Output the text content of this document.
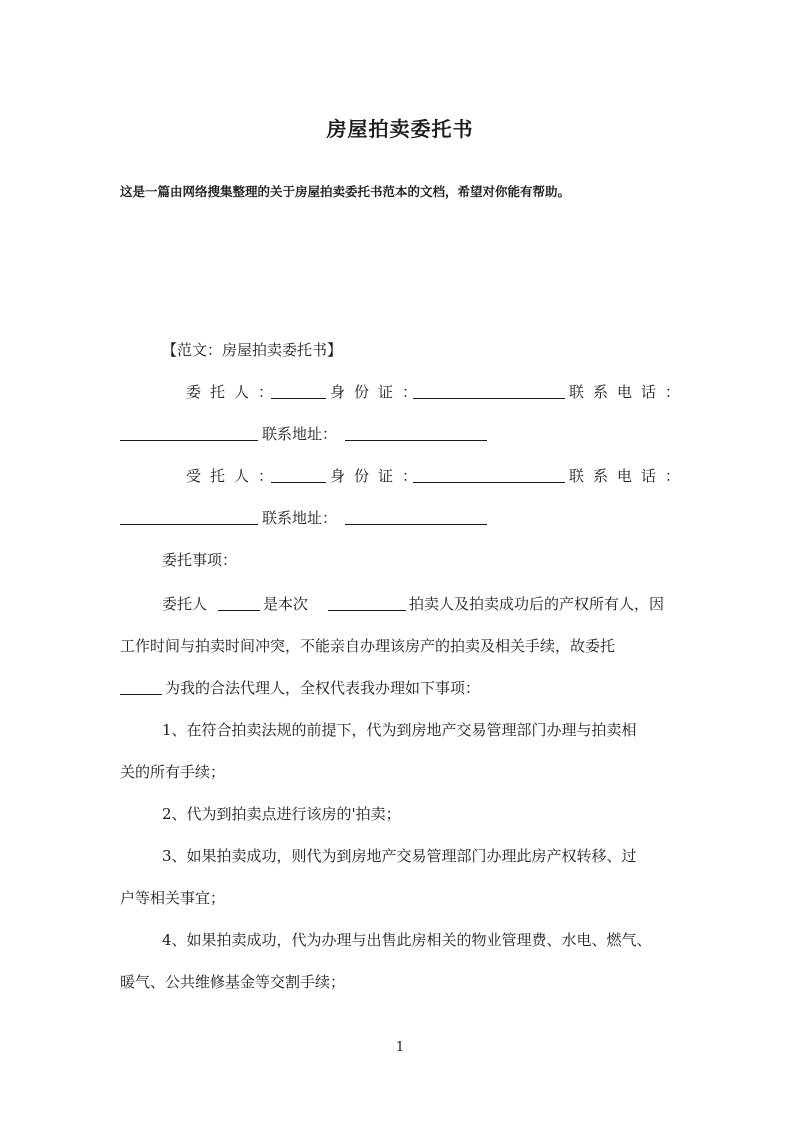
房屋拍卖委托书
这是一篇由网络搜集整理的关于房屋拍卖委托书范本的文档，希望对你能有帮助。
【范文：房屋拍卖委托书】
委托人：	身份证：	联系电话：
联系地址：
受托人：	身份证：	联系电话：
联系地址：
委托事项：
委托人	是本次	拍卖人及拍卖成功后的产权所有人，因
工作时间与拍卖时间冲突，不能亲自办理该房产的拍卖及相关手续，故委托
为我的合法代理人，全权代表我办理如下事项：
1、在符合拍卖法规的前提下，代为到房地产交易管理部门办理与拍卖相
关的所有手续；
2、代为到拍卖点进行该房的'拍卖；
3、如果拍卖成功，则代为到房地产交易管理部门办理此房产权转移、过
户等相关事宜；
4、如果拍卖成功，代为办理与出售此房相关的物业管理费、水电、燃气、
暖气、公共维修基金等交割手续；
1
